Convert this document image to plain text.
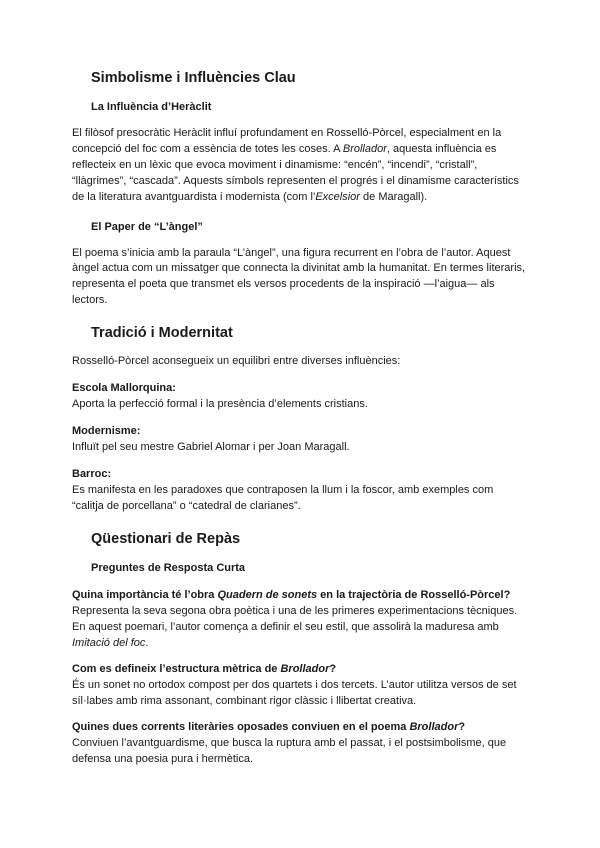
Simbolisme i Influències Clau
La Influència d’Heràclit

El filòsof presocràtic Heràclit influí profundament en Rosselló-Pòrcel, especialment en la concepció del foc com a essència de totes les coses. A Brollador, aquesta influència es reflecteix en un lèxic que evoca moviment i dinamisme: “encén”, “incendi”, “cristall”, “llàgrimes”, “cascada”. Aquests símbols representen el progrés i el dinamisme característics de la literatura avantguardista i modernista (com l’Excelsior de Maragall).

El Paper de “L’àngel”

El poema s’inicia amb la paraula “L’àngel”, una figura recurrent en l’obra de l’autor. Aquest àngel actua com un missatger que connecta la divinitat amb la humanitat. En termes literaris, representa el poeta que transmet els versos procedents de la inspiració —l’aigua— als lectors.

Tradició i Modernitat

Rosselló-Pòrcel aconsegueix un equilibri entre diverses influències:

Escola Mallorquina:

Aporta la perfecció formal i la presència d’elements cristians.

Modernisme:

Influït pel seu mestre Gabriel Alomar i per Joan Maragall.

Barroc:

Es manifesta en les paradoxes que contraposen la llum i la foscor, amb exemples com “calitja de porcellana” o “catedral de clarianes”.

Qüestionari de Repàs
Preguntes de Resposta Curta

Quina importància té l’obra Quadern de sonets en la trajectòria de Rosselló-Pòrcel?

Representa la seva segona obra poètica i una de les primeres experimentacions tècniques. En aquest poemari, l’autor comença a definir el seu estil, que assolirà la maduresa amb Imitació del foc.

Com es defineix l’estructura mètrica de Brollador?

És un sonet no ortodox compost per dos quartets i dos tercets. L’autor utilitza versos de set síl·labes amb rima assonant, combinant rigor clàssic i llibertat creativa.

Quines dues corrents literàries oposades conviuen en el poema Brollador?

Conviuen l’avantguardisme, que busca la ruptura amb el passat, i el postsimbolisme, que defensa una poesia pura i hermètica.
